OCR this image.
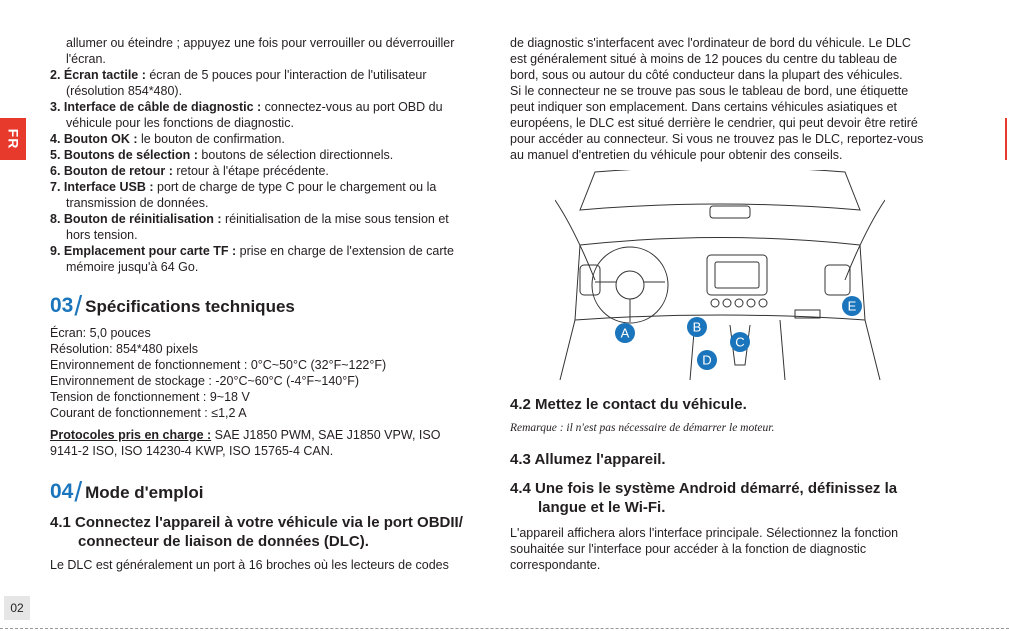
FR
02

allumer ou éteindre ; appuyez une fois pour verrouiller ou déverrouiller

l'écran.

2. Écran tactile : écran de 5 pouces pour l'interaction de l'utilisateur
(résolution 854*480).
3. Interface de câble de diagnostic : connectez-vous au port OBD du
véhicule pour les fonctions de diagnostic.
4. Bouton OK : le bouton de confirmation.
5. Boutons de sélection : boutons de sélection directionnels.
6. Bouton de retour : retour à l'étape précédente.
7. Interface USB : port de charge de type C pour le chargement ou la
transmission de données.
8. Bouton de réinitialisation : réinitialisation de la mise sous tension et
hors tension.
9. Emplacement pour carte TF : prise en charge de l'extension de carte
mémoire jusqu'à 64 Go.
03 / Spécifications techniques

Écran: 5,0 pouces

Résolution: 854*480 pixels

Environnement de fonctionnement : 0°C~50°C (32°F~122°F)

Environnement de stockage : -20°C~60°C (-4°F~140°F)

Tension de fonctionnement : 9~18 V

Courant de fonctionnement : ≤1,2 A

Protocoles pris en charge : SAE J1850 PWM, SAE J1850 VPW, ISO

9141-2 ISO, ISO 14230-4 KWP, ISO 15765-4 CAN.

04 / Mode d'emploi
4.1 Connectez l'appareil à votre véhicule via le port OBDII/
connecteur de liaison de données (DLC).

Le DLC est généralement un port à 16 broches où les lecteurs de codes

de diagnostic s'interfacent avec l'ordinateur de bord du véhicule. Le DLC

est généralement situé à moins de 12 pouces du centre du tableau de

bord, sous ou autour du côté conducteur dans la plupart des véhicules.

Si le connecteur ne se trouve pas sous le tableau de bord, une étiquette

peut indiquer son emplacement. Dans certains véhicules asiatiques et

européens, le DLC est situé derrière le cendrier, qui peut devoir être retiré

pour accéder au connecteur. Si vous ne trouvez pas le DLC, reportez-vous

au manuel d'entretien du véhicule pour obtenir des conseils.

4.2 Mettez le contact du véhicule.

Remarque : il n'est pas nécessaire de démarrer le moteur.

4.3 Allumez l'appareil.
4.4 Une fois le système Android démarré, définissez la
langue et le Wi-Fi.

L'appareil affichera alors l'interface principale. Sélectionnez la fonction

souhaitée sur l'interface pour accéder à la fonction de diagnostic

correspondante.

A	B
C
D
E
